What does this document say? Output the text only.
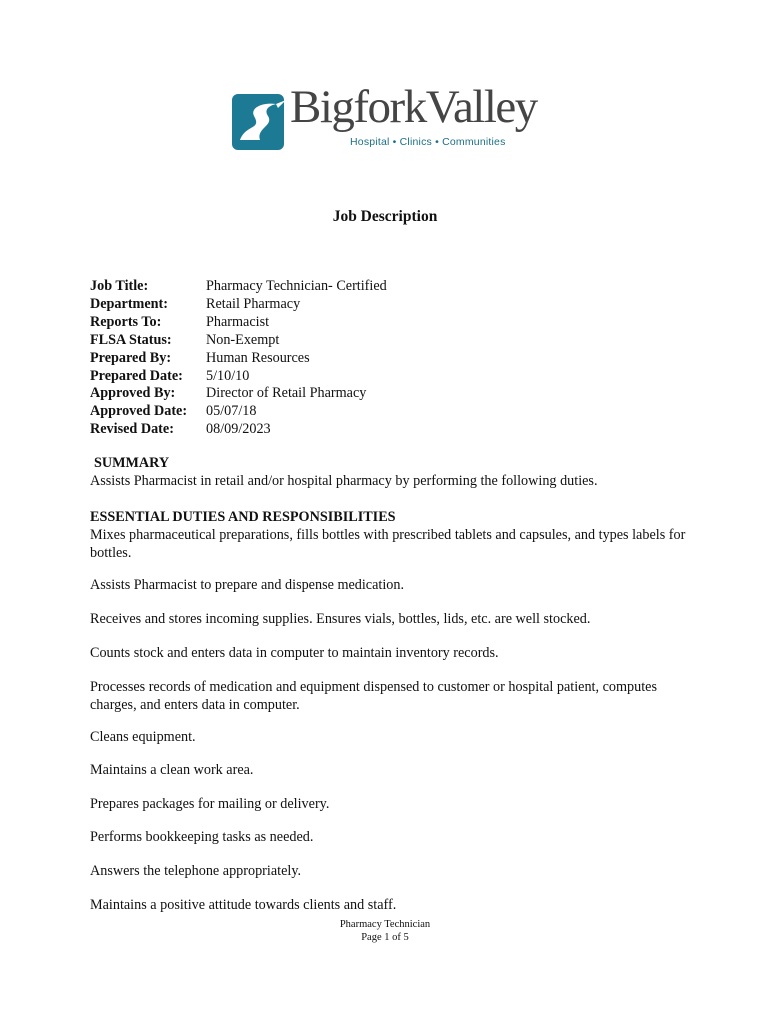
BigforkValley
Hospital • Clinics • Communities
Job Description
Job Title:	Pharmacy Technician- Certified
Department:	Retail Pharmacy
Reports To:	Pharmacist
FLSA Status:	Non-Exempt
Prepared By:	Human Resources
Prepared Date:	5/10/10
Approved By:	Director of Retail Pharmacy
Approved Date:	05/07/18
Revised Date:	08/09/2023
SUMMARY
Assists Pharmacist in retail and/or hospital pharmacy by performing the following duties.
ESSENTIAL DUTIES AND RESPONSIBILITIES
Mixes pharmaceutical preparations, fills bottles with prescribed tablets and capsules, and types labels for bottles.
Assists Pharmacist to prepare and dispense medication.
Receives and stores incoming supplies. Ensures vials, bottles, lids, etc. are well stocked.
Counts stock and enters data in computer to maintain inventory records.
Processes records of medication and equipment dispensed to customer or hospital patient, computes charges, and enters data in computer.
Cleans equipment.
Maintains a clean work area.
Prepares packages for mailing or delivery.
Performs bookkeeping tasks as needed.
Answers the telephone appropriately.
Maintains a positive attitude towards clients and staff.
Pharmacy Technician
Page 1 of 5
